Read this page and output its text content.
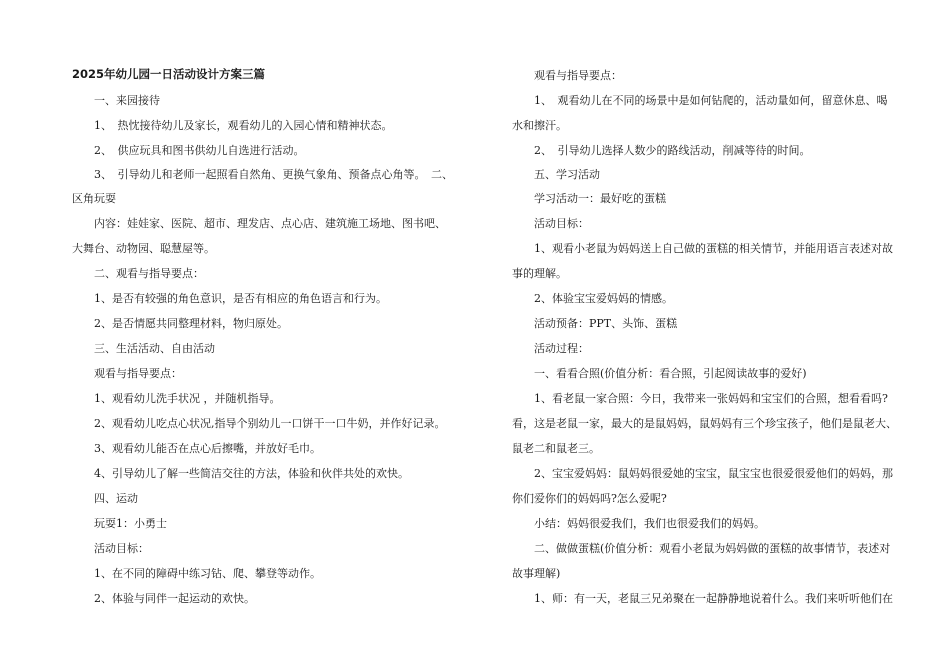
2025年幼儿园一日活动设计方案三篇
　　一、来园接待
　　1、　热忱接待幼儿及家长，观看幼儿的入园心情和精神状态。
　　2、　供应玩具和图书供幼儿自选进行活动。
　　3、　引导幼儿和老师一起照看自然角、更换气象角、预备点心角等。　二、
区角玩耍
　　内容：娃娃家、医院、超市、理发店、点心店、建筑施工场地、图书吧、
大舞台、动物园、聪慧屋等。
　　二、观看与指导要点：
　　1、是否有较强的角色意识，是否有相应的角色语言和行为。
　　2、是否情愿共同整理材料，物归原处。
　　三、生活活动、自由活动
　　观看与指导要点：
　　1、观看幼儿洗手状况 ，并随机指导。
　　2、观看幼儿吃点心状况,指导个别幼儿一口饼干一口牛奶，并作好记录。
　　3、观看幼儿能否在点心后擦嘴，并放好毛巾。
　　4、引导幼儿了解一些简洁交往的方法，体验和伙伴共处的欢快。
　　四、运动
　　玩耍1：小勇士
　　活动目标：
　　1、在不同的障碍中练习钻、爬、攀登等动作。
　　2、体验与同伴一起运动的欢快。
　　观看与指导要点：
　　1、　观看幼儿在不同的场景中是如何钻爬的，活动量如何，留意休息、喝
水和擦汗。
　　2、　引导幼儿选择人数少的路线活动，削减等待的时间。
　　五、学习活动
　　学习活动一：最好吃的蛋糕
　　活动目标：
　　1、观看小老鼠为妈妈送上自己做的蛋糕的相关情节，并能用语言表述对故
事的理解。
　　2、体验宝宝爱妈妈的情感。
　　活动预备：PPT、头饰、蛋糕
　　活动过程：
　　一、看看合照(价值分析：看合照，引起阅读故事的爱好)
　　1、看老鼠一家合照：今日，我带来一张妈妈和宝宝们的合照，想看看吗?
看，这是老鼠一家，最大的是鼠妈妈，鼠妈妈有三个珍宝孩子，他们是鼠老大、
鼠老二和鼠老三。
　　2、宝宝爱妈妈：鼠妈妈很爱她的宝宝，鼠宝宝也很爱很爱他们的妈妈，那
你们爱你们的妈妈吗?怎么爱呢?
　　小结：妈妈很爱我们，我们也很爱我们的妈妈。
　　二、做做蛋糕(价值分析：观看小老鼠为妈妈做的蛋糕的故事情节，表述对
故事理解)
　　1、师：有一天，老鼠三兄弟聚在一起静静地说着什么。我们来听听他们在
